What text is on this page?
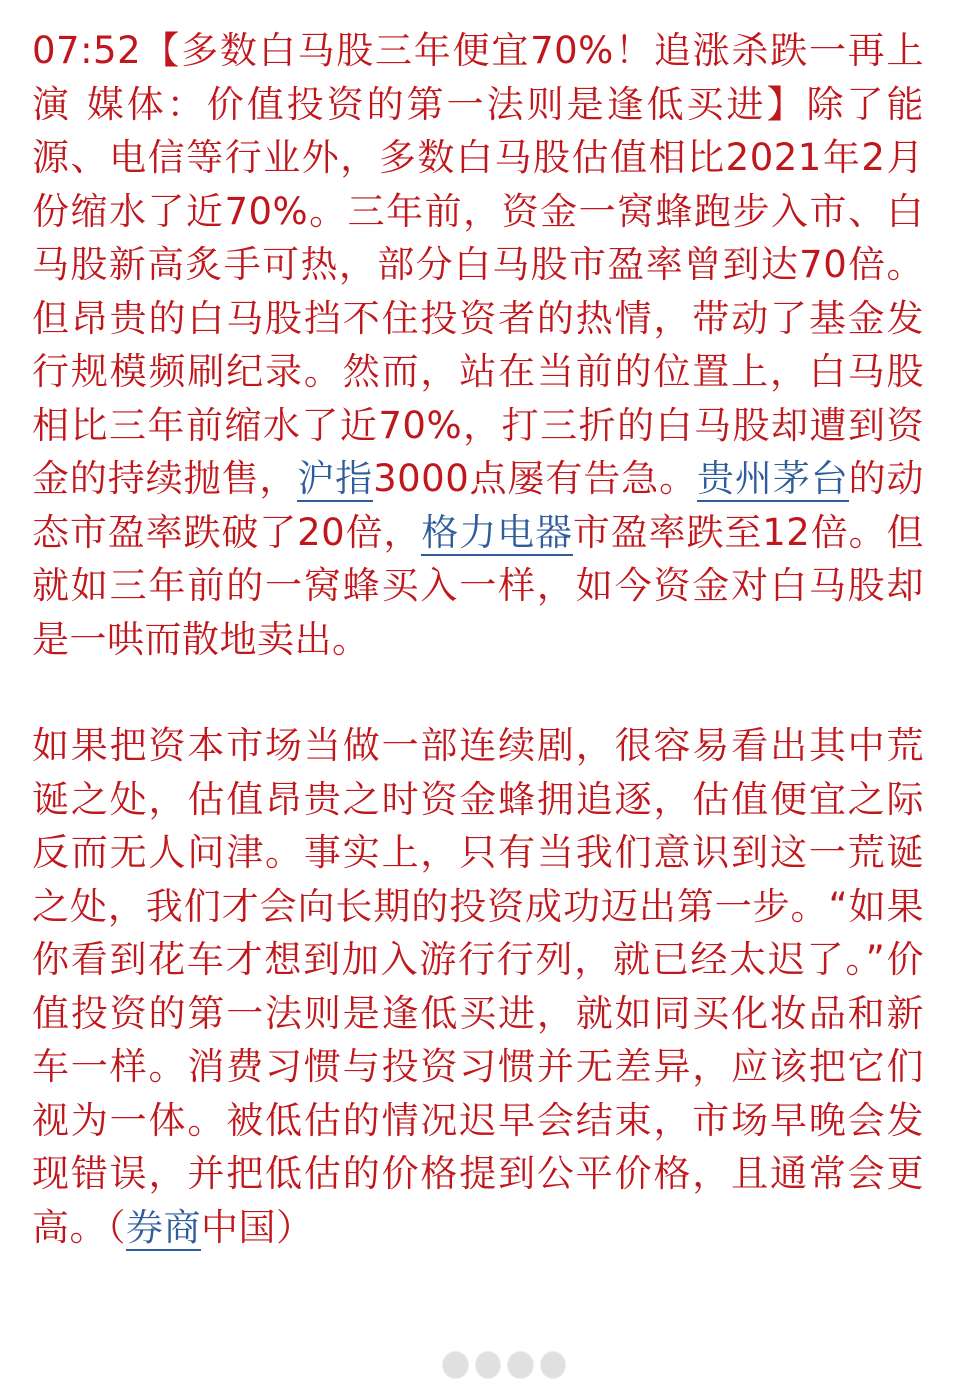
07:52【多数白马股三年便宜70%！追涨杀跌一再上演 媒体：价值投资的第一法则是逢低买进】除了能源、电信等行业外，多数白马股估值相比2021年2月份缩水了近70%。三年前，资金一窝蜂跑步入市、白马股新高炙手可热，部分白马股市盈率曾到达70倍。但昂贵的白马股挡不住投资者的热情，带动了基金发行规模频刷纪录。然而，站在当前的位置上，白马股相比三年前缩水了近70%，打三折的白马股却遭到资金的持续抛售，沪指3000点屡有告急。贵州茅台的动态市盈率跌破了20倍，格力电器市盈率跌至12倍。但就如三年前的一窝蜂买入一样，如今资金对白马股却是一哄而散地卖出。

如果把资本市场当做一部连续剧，很容易看出其中荒诞之处，估值昂贵之时资金蜂拥追逐，估值便宜之际反而无人问津。事实上，只有当我们意识到这一荒诞之处，我们才会向长期的投资成功迈出第一步。“如果你看到花车才想到加入游行行列，就已经太迟了。”价值投资的第一法则是逢低买进，就如同买化妆品和新车一样。消费习惯与投资习惯并无差异，应该把它们视为一体。被低估的情况迟早会结束，市场早晚会发现错误，并把低估的价格提到公平价格，且通常会更高。（券商中国）
